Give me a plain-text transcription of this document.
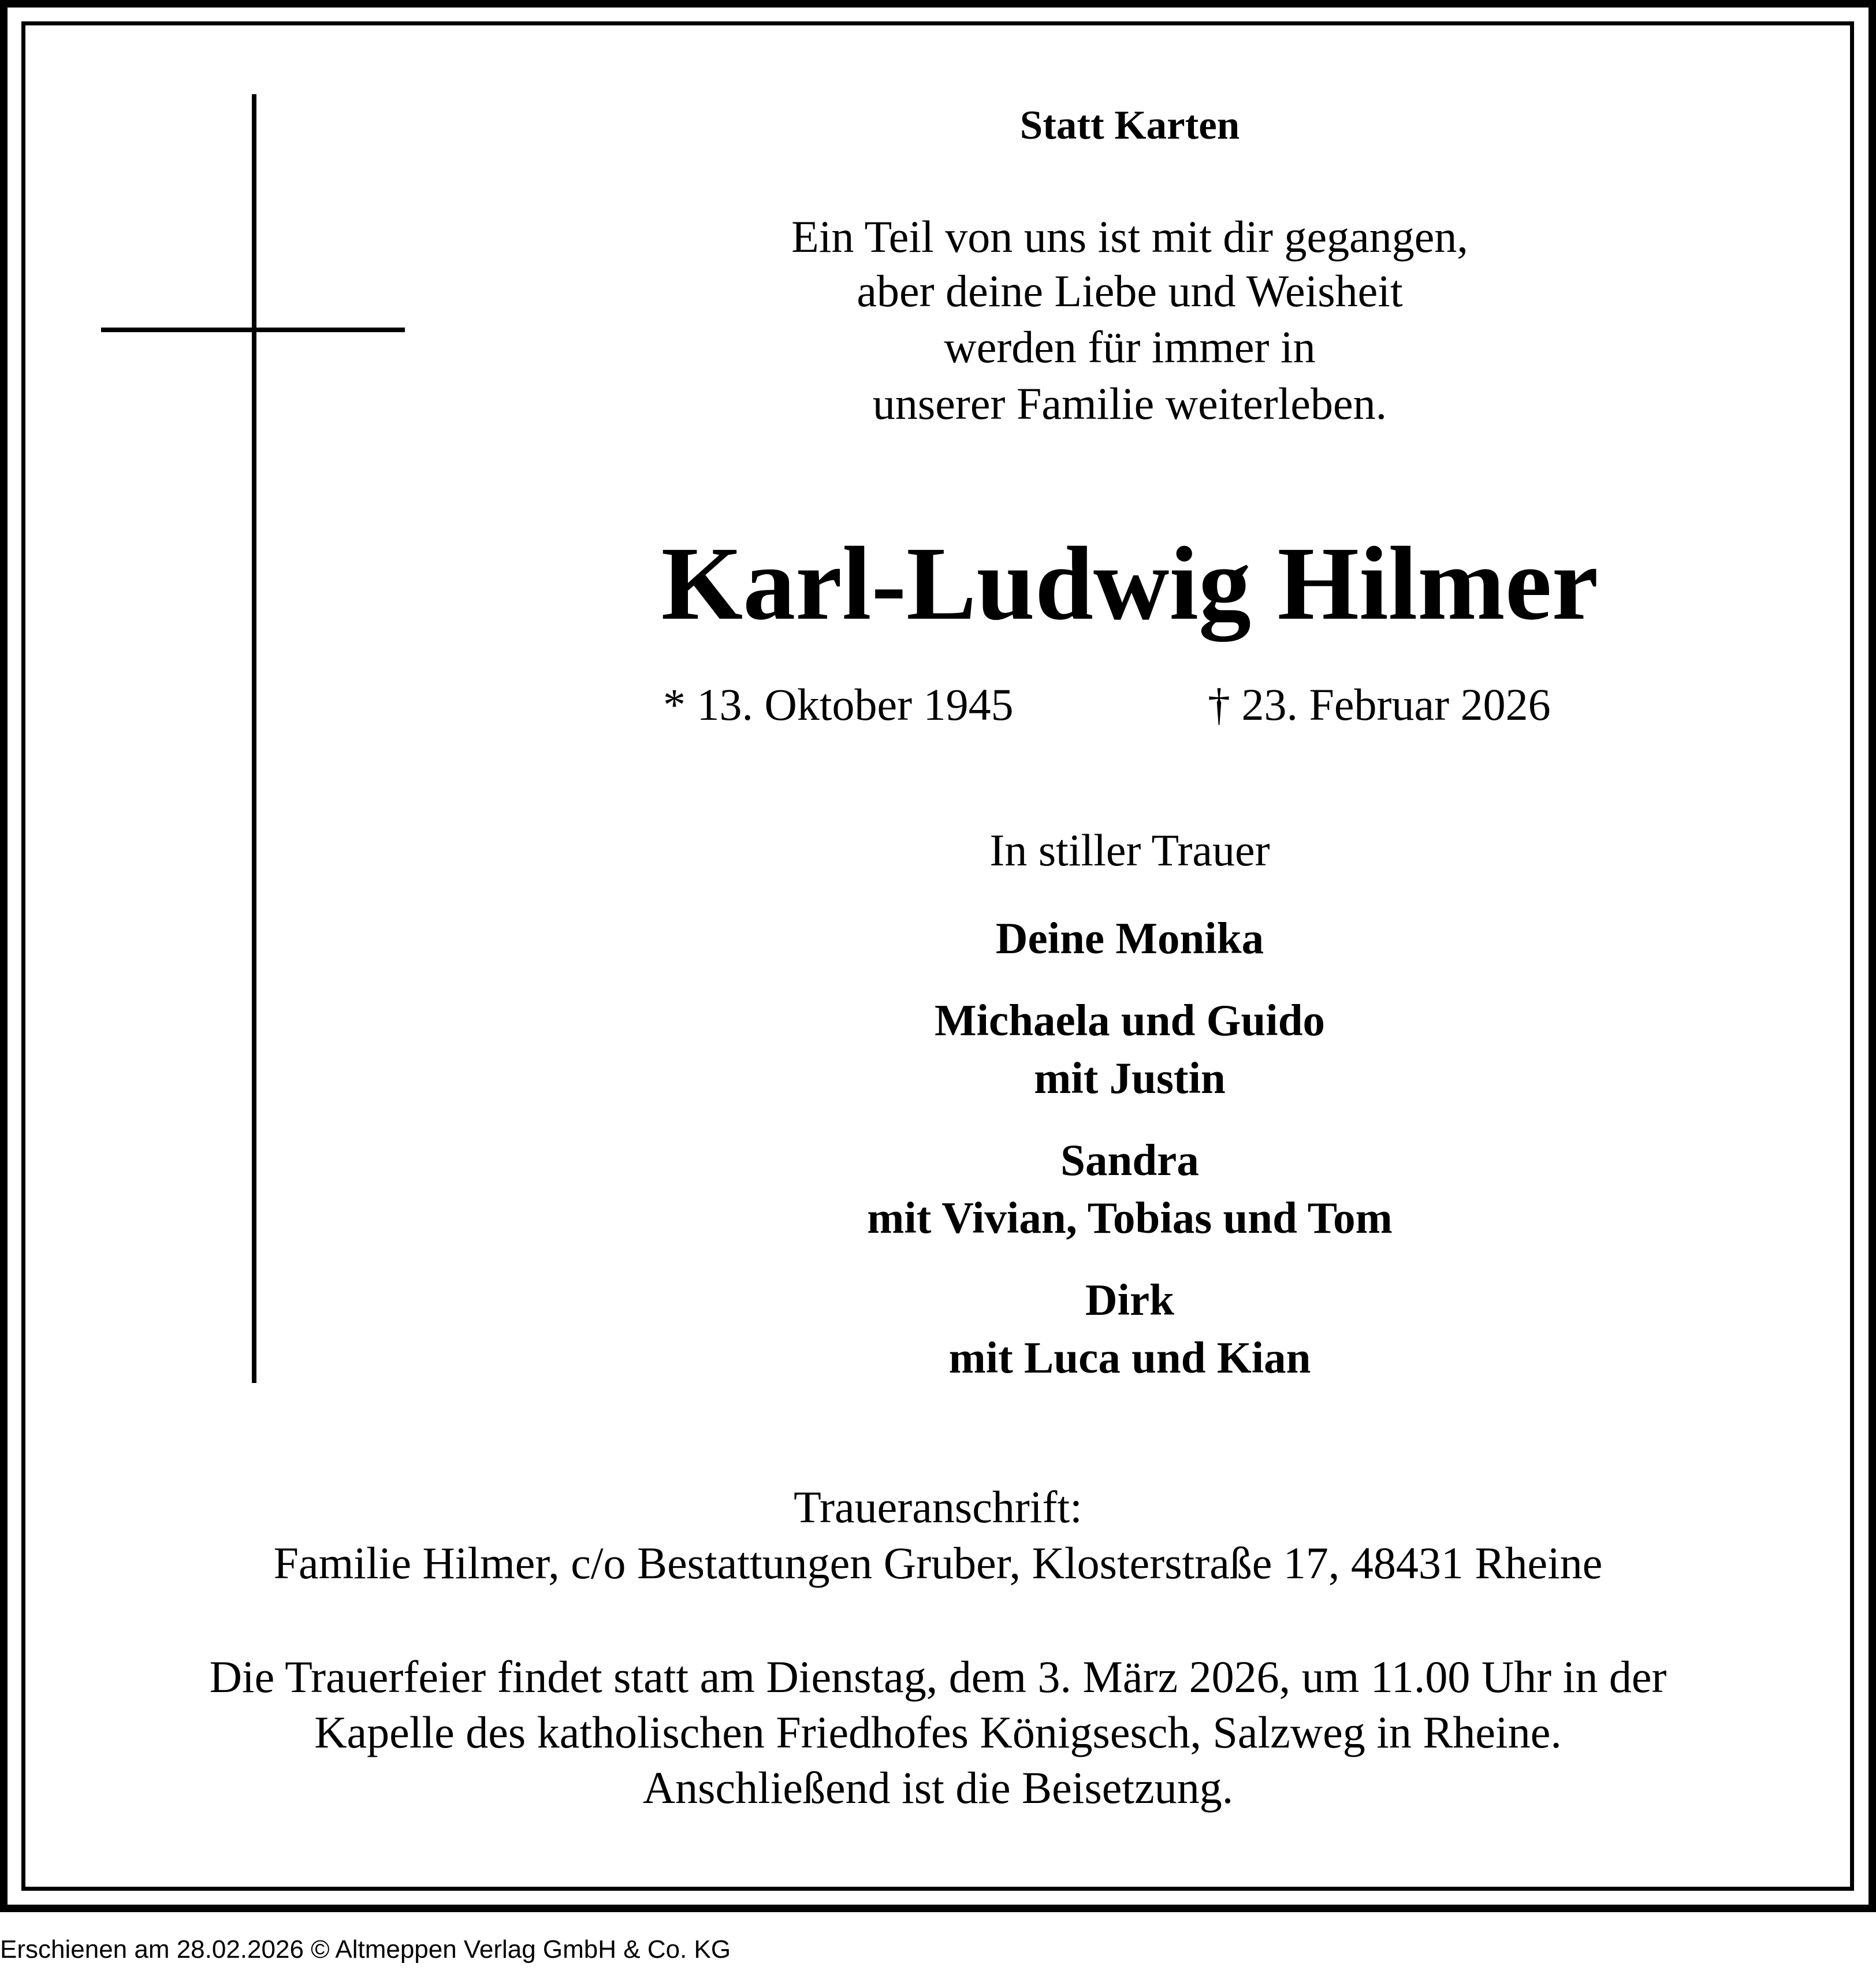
Statt Karten
Ein Teil von uns ist mit dir gegangen,
aber deine Liebe und Weisheit
werden für immer in
unserer Familie weiterleben.
Karl-Ludwig Hilmer
* 13. Oktober 1945	† 23. Februar 2026
In stiller Trauer
Deine Monika
Michaela und Guido
mit Justin
Sandra
mit Vivian, Tobias und Tom
Dirk
mit Luca und Kian
Traueranschrift:
Familie Hilmer, c/o Bestattungen Gruber, Klosterstraße 17, 48431 Rheine
Die Trauerfeier findet statt am Dienstag, dem 3. März 2026, um 11.00 Uhr in der
Kapelle des katholischen Friedhofes Königsesch, Salzweg in Rheine.
Anschließend ist die Beisetzung.
Erschienen am 28.02.2026 © Altmeppen Verlag GmbH & Co. KG
